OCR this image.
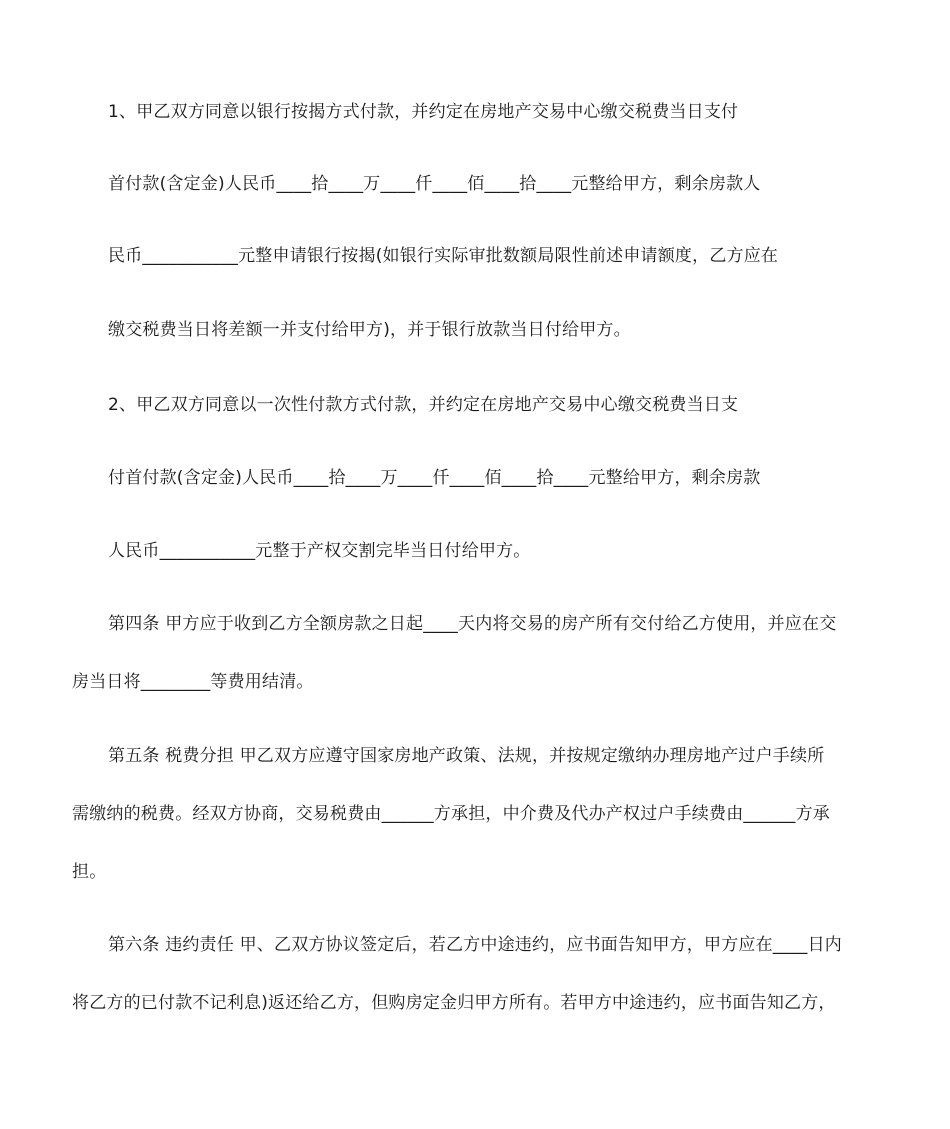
1、甲乙双方同意以银行按揭方式付款，并约定在房地产交易中心缴交税费当日支付
首付款(含定金)人民币____拾____万____仟____佰____拾____元整给甲方，剩余房款人
民币___________元整申请银行按揭(如银行实际审批数额局限性前述申请额度，乙方应在
缴交税费当日将差额一并支付给甲方)，并于银行放款当日付给甲方。
2、甲乙双方同意以一次性付款方式付款，并约定在房地产交易中心缴交税费当日支
付首付款(含定金)人民币____拾____万____仟____佰____拾____元整给甲方，剩余房款
人民币___________元整于产权交割完毕当日付给甲方。
第四条 甲方应于收到乙方全额房款之日起____天内将交易的房产所有交付给乙方使用，并应在交
房当日将________等费用结清。
第五条 税费分担 甲乙双方应遵守国家房地产政策、法规，并按规定缴纳办理房地产过户手续所
需缴纳的税费。经双方协商，交易税费由______方承担，中介费及代办产权过户手续费由______方承
担。
第六条 违约责任 甲、乙双方协议签定后，若乙方中途违约，应书面告知甲方，甲方应在____日内
将乙方的已付款不记利息)返还给乙方，但购房定金归甲方所有。若甲方中途违约，应书面告知乙方，
